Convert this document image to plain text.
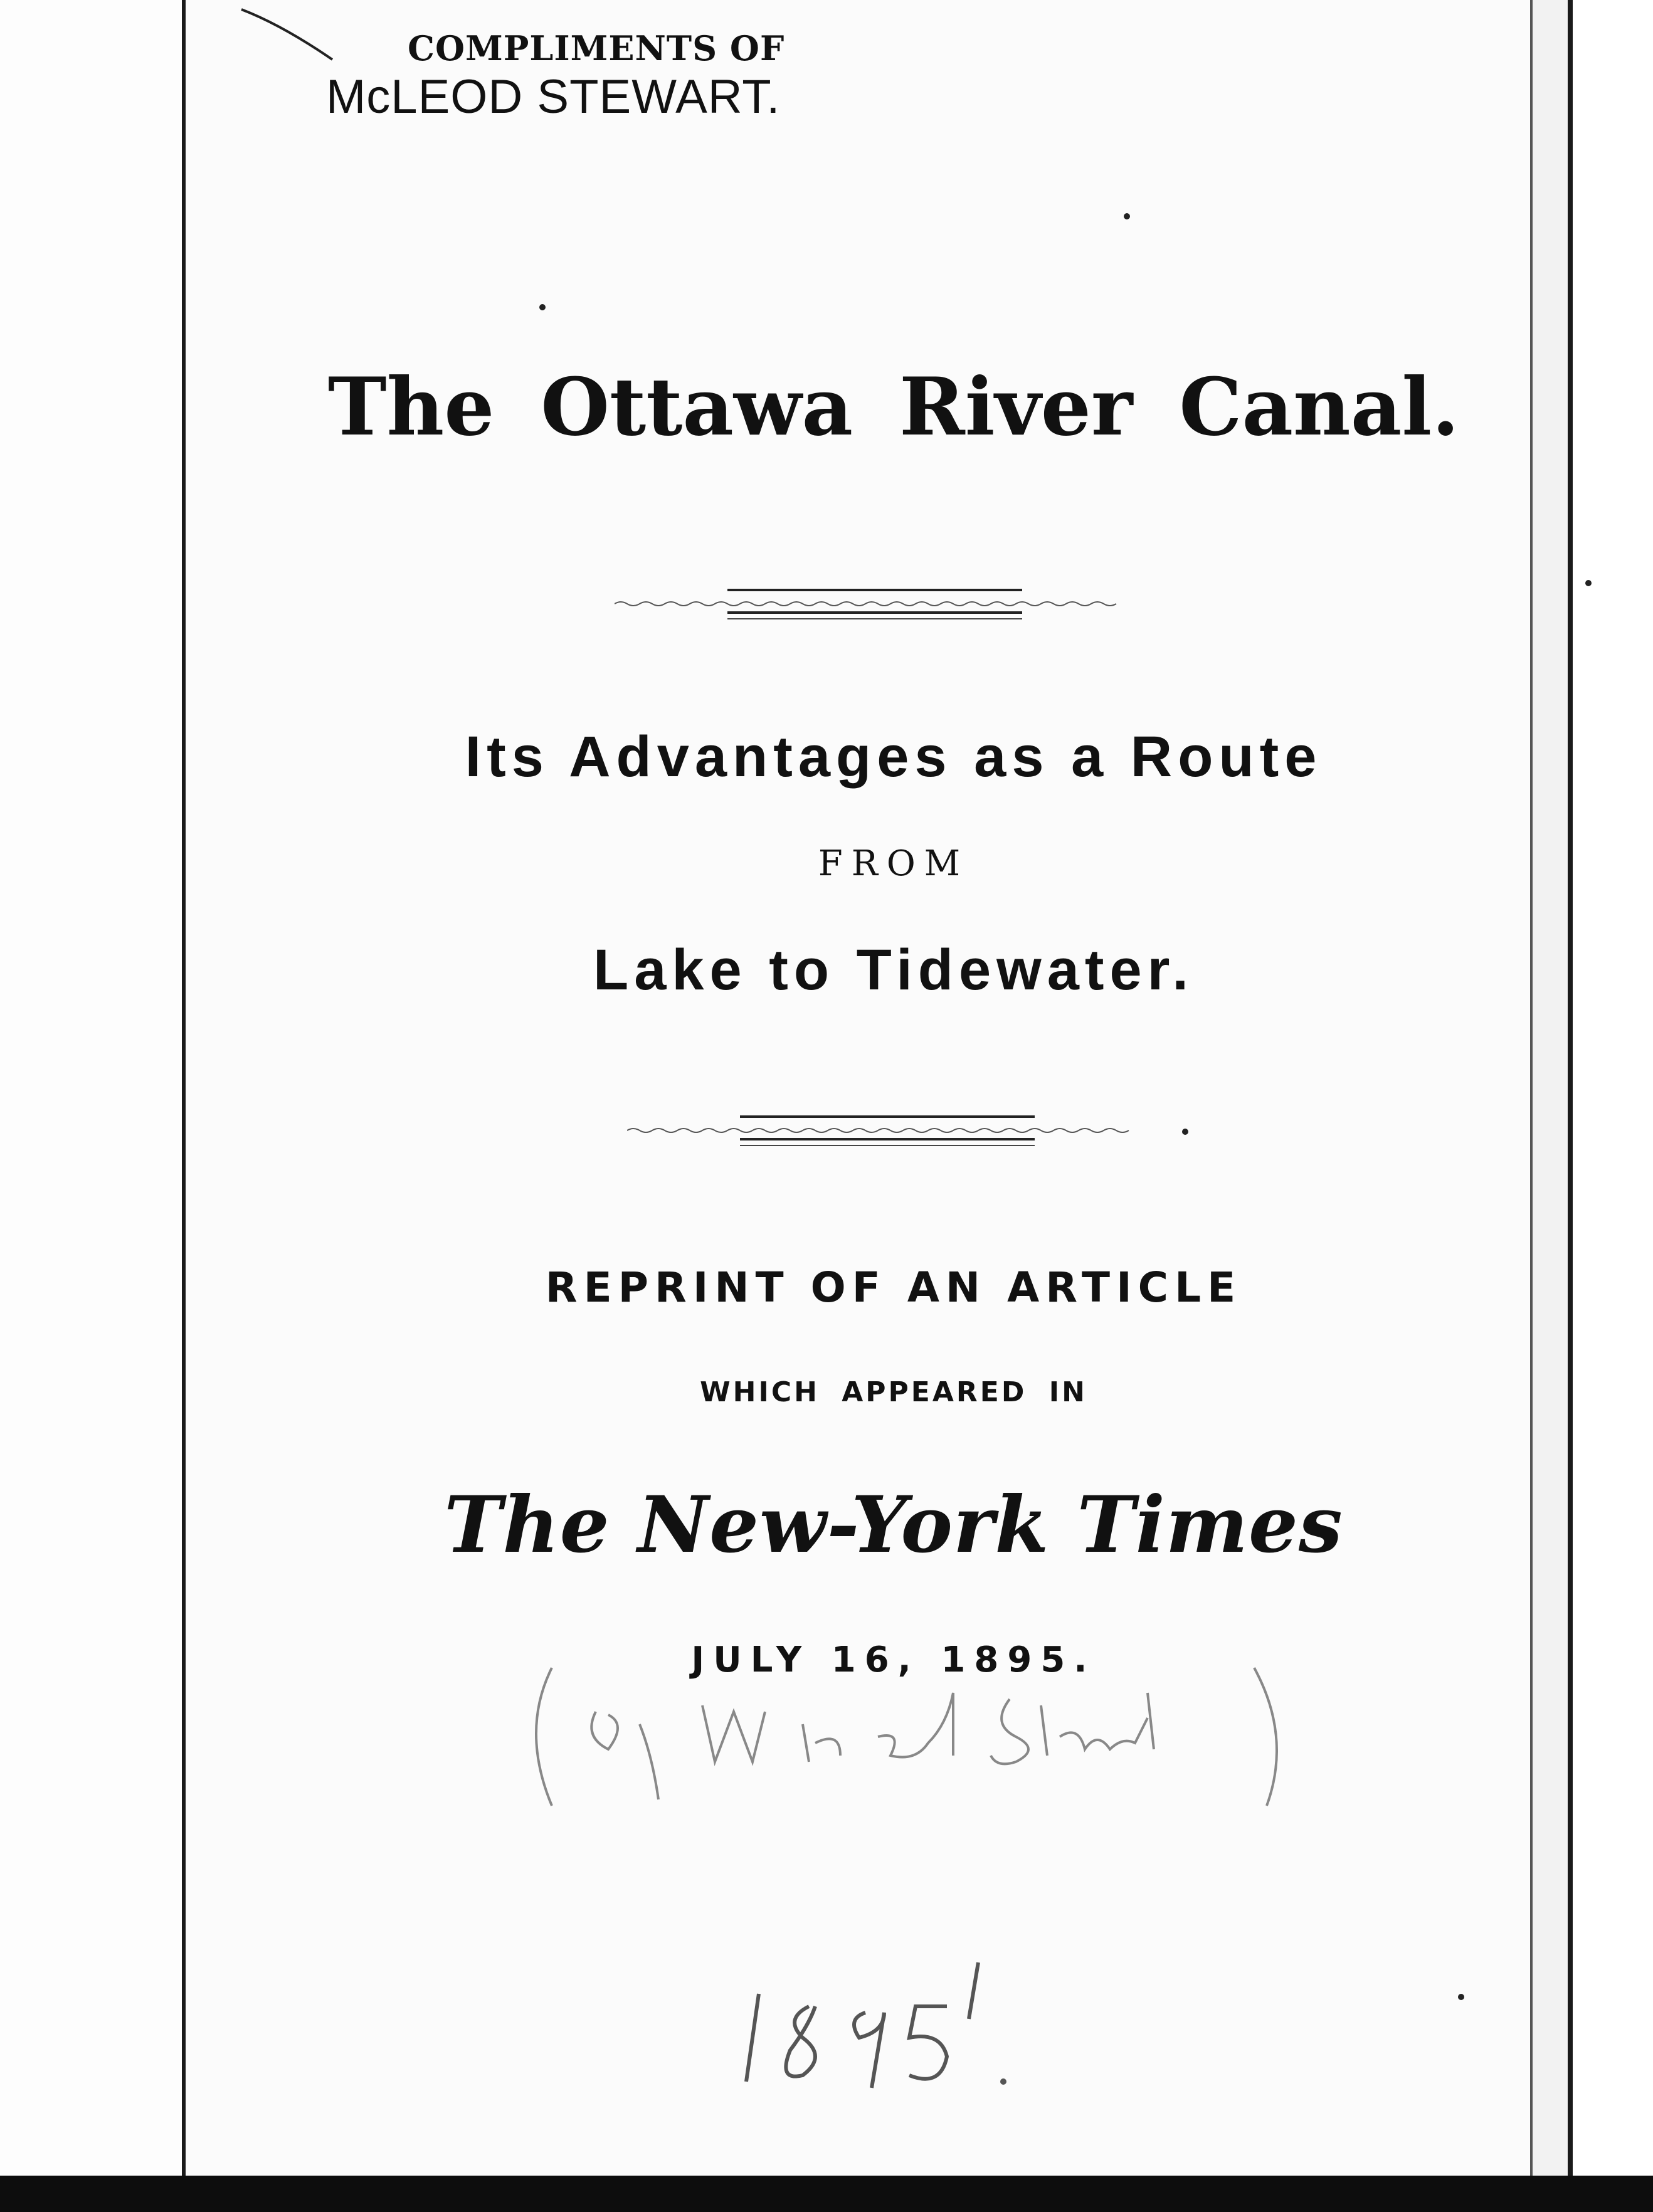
COMPLIMENTS OF
McLEOD STEWART.
The Ottawa River Canal.
Its Advantages as a Route
FROM
Lake to Tidewater.
REPRINT OF AN ARTICLE
WHICH APPEARED IN
The New-York Times
JULY 16, 1895.
